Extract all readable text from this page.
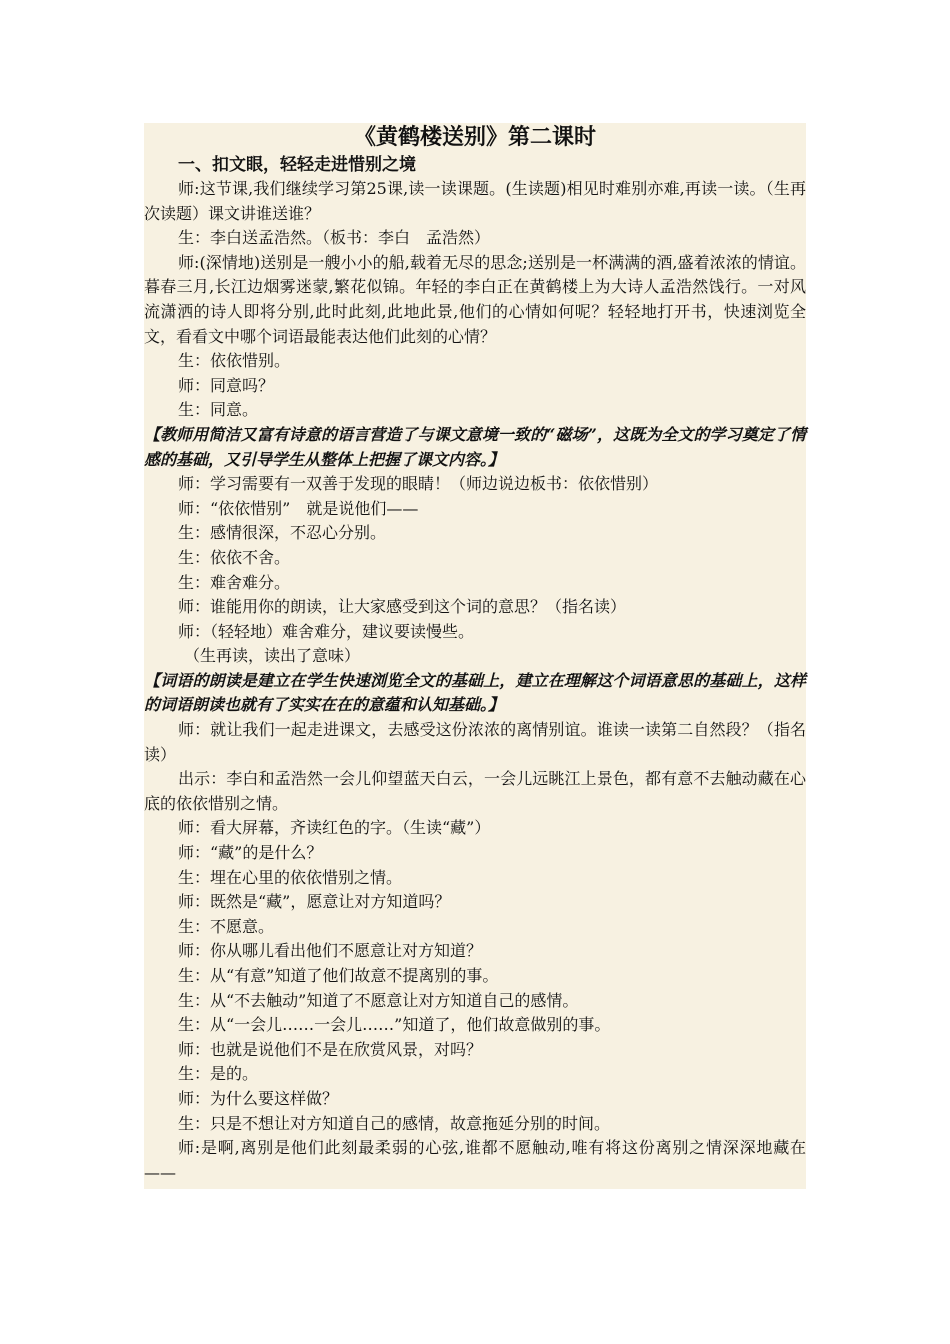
《黄鹤楼送别》第二课时
一、扣文眼，轻轻走进惜别之境

师:这节课,我们继续学习第25课,读一读课题。(生读题)相见时难别亦难,再读一读。（生再次读题）课文讲谁送谁？

生：李白送孟浩然。（板书：李白　孟浩然）

师:(深情地)送别是一艘小小的船,载着无尽的思念;送别是一杯满满的酒,盛着浓浓的情谊。暮春三月,长江边烟雾迷蒙,繁花似锦。年轻的李白正在黄鹤楼上为大诗人孟浩然饯行。一对风流潇洒的诗人即将分别,此时此刻,此地此景,他们的心情如何呢？轻轻地打开书，快速浏览全文，看看文中哪个词语最能表达他们此刻的心情？

生：依依惜别。

师：同意吗？

生：同意。

【教师用简洁又富有诗意的语言营造了与课文意境一致的“磁场”，这既为全文的学习奠定了情感的基础，又引导学生从整体上把握了课文内容。】

师：学习需要有一双善于发现的眼睛！（师边说边板书：依依惜别）

师：“依依惜别”　就是说他们——

生：感情很深，不忍心分别。

生：依依不舍。

生：难舍难分。

师：谁能用你的朗读，让大家感受到这个词的意思？（指名读）

师：（轻轻地）难舍难分，建议要读慢些。

（生再读，读出了意味）

【词语的朗读是建立在学生快速浏览全文的基础上，建立在理解这个词语意思的基础上，这样的词语朗读也就有了实实在在的意蕴和认知基础。】

师：就让我们一起走进课文，去感受这份浓浓的离情别谊。谁读一读第二自然段？（指名读）

出示：李白和孟浩然一会儿仰望蓝天白云，一会儿远眺江上景色，都有意不去触动藏在心底的依依惜别之情。

师：看大屏幕，齐读红色的字。（生读“藏”）

师：“藏”的是什么？

生：埋在心里的依依惜别之情。

师：既然是“藏”，愿意让对方知道吗？

生：不愿意。

师：你从哪儿看出他们不愿意让对方知道？

生：从“有意”知道了他们故意不提离别的事。

生：从“不去触动”知道了不愿意让对方知道自己的感情。

生：从“一会儿……一会儿……”知道了，他们故意做别的事。

师：也就是说他们不是在欣赏风景，对吗？

生：是的。

师：为什么要这样做？

生：只是不想让对方知道自己的感情，故意拖延分别的时间。

师:是啊,离别是他们此刻最柔弱的心弦,谁都不愿触动,唯有将这份离别之情深深地藏在——
